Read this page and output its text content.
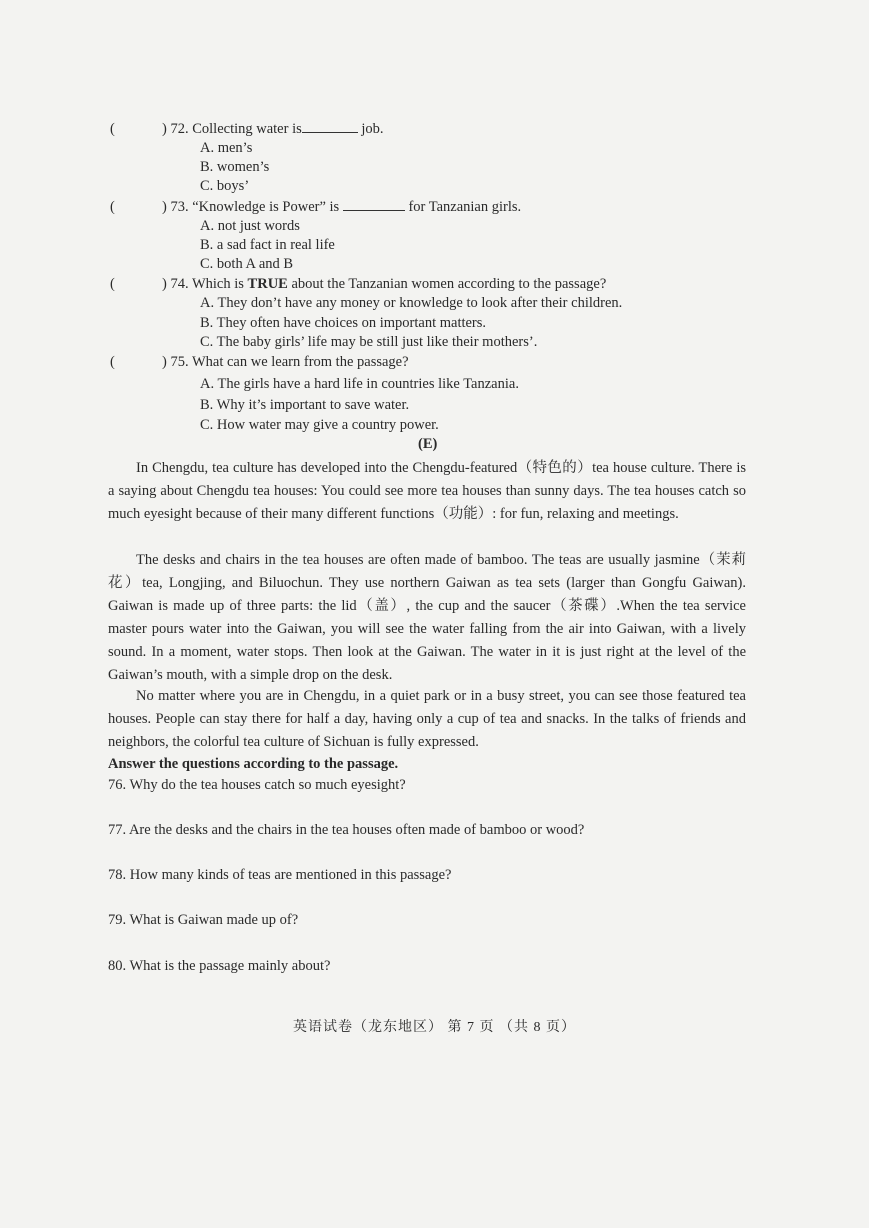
(	) 72. Collecting water is	job.
A. men’s
B. women’s
C. boys’
(	) 73. “Knowledge is Power” is	for Tanzanian girls.
A. not just words
B. a sad fact in real life
C. both A and B
(	) 74. Which is TRUE about the Tanzanian women according to the passage?
A. They don’t have any money or knowledge to look after their children.
B. They often have choices on important matters.
C. The baby girls’ life may be still just like their mothers’.
(	) 75. What can we learn from the passage?
A. The girls have a hard life in countries like Tanzania.
B. Why it’s important to save water.
C. How water may give a country power.
(E)
In Chengdu, tea culture has developed into the Chengdu-featured（特色的）tea house culture. There is a saying about Chengdu tea houses: You could see more tea houses than sunny days. The tea houses catch so much eyesight because of their many different functions（功能）: for fun, relaxing and meetings.
The desks and chairs in the tea houses are often made of bamboo. The teas are usually jasmine（茉莉花）tea, Longjing, and Biluochun. They use northern Gaiwan as tea sets (larger than Gongfu Gaiwan). Gaiwan is made up of three parts: the lid（盖）, the cup and the saucer（茶碟）.When the tea service master pours water into the Gaiwan, you will see the water falling from the air into Gaiwan, with a lively sound. In a moment, water stops. Then look at the Gaiwan. The water in it is just right at the level of the Gaiwan’s mouth, with a simple drop on the desk.
No matter where you are in Chengdu, in a quiet park or in a busy street, you can see those featured tea houses. People can stay there for half a day, having only a cup of tea and snacks. In the talks of friends and neighbors, the colorful tea culture of Sichuan is fully expressed.
Answer the questions according to the passage.
76. Why do the tea houses catch so much eyesight?
77. Are the desks and the chairs in the tea houses often made of bamboo or wood?
78. How many kinds of teas are mentioned in this passage?
79. What is Gaiwan made up of?
80. What is the passage mainly about?
英语试卷（龙东地区） 第 7 页 （共 8 页）
